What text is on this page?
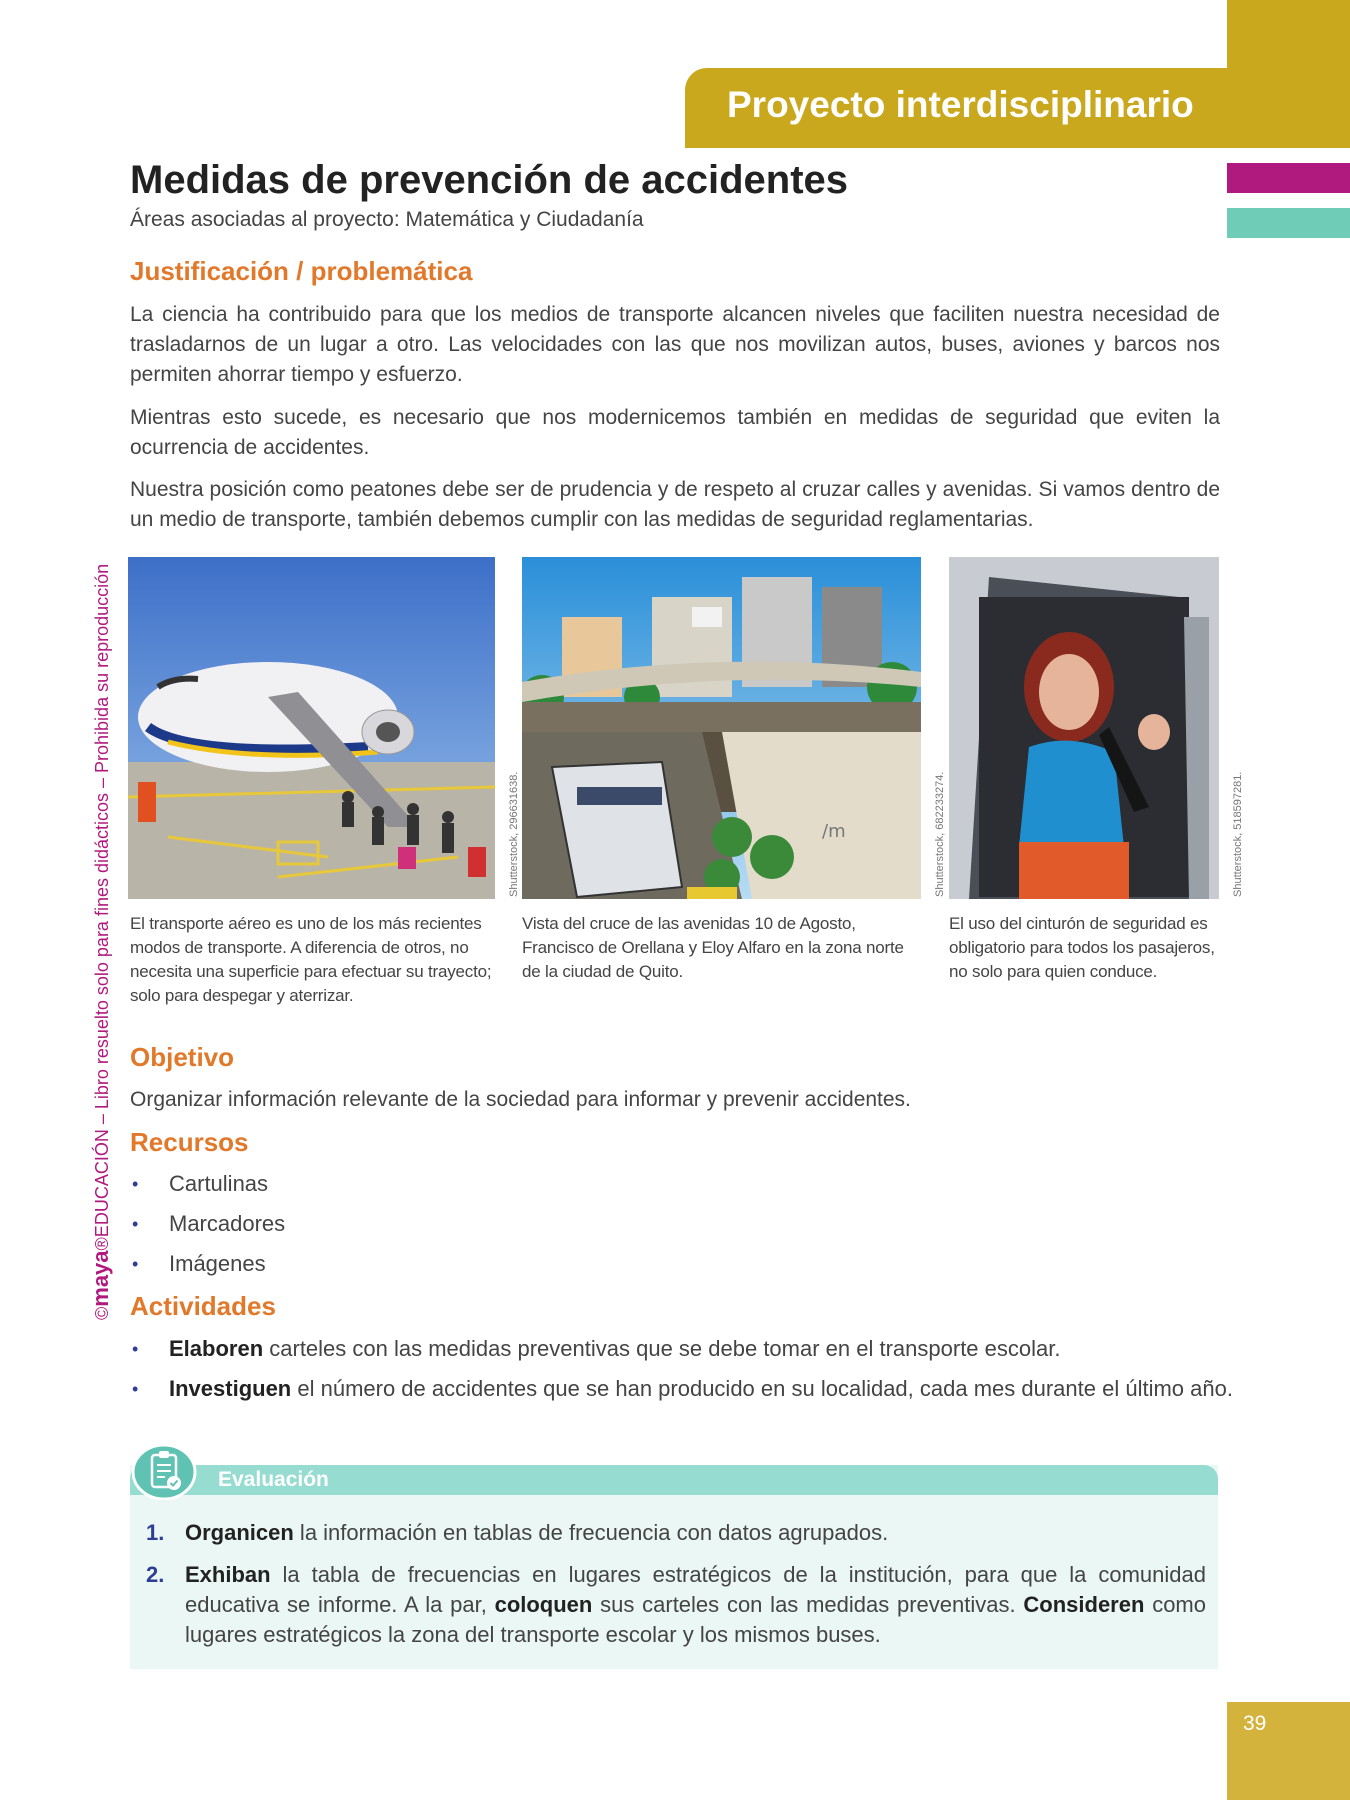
Proyecto interdisciplinario
©maya®EDUCACIÓN – Libro resuelto solo para fines didácticos – Prohibida su reproducción
Medidas de prevención de accidentes
Áreas asociadas al proyecto: Matemática y Ciudadanía
Justificación / problemática
La ciencia ha contribuido para que los medios de transporte alcancen niveles que faciliten nuestra necesidad de trasladarnos de un lugar a otro. Las velocidades con las que nos movilizan autos, buses, aviones y barcos nos permiten ahorrar tiempo y esfuerzo.
Mientras esto sucede, es necesario que nos modernicemos también en medidas de seguridad que eviten la ocurrencia de accidentes.
Nuestra posición como peatones debe ser de prudencia y de respeto al cruzar calles y avenidas. Si vamos dentro de un medio de transporte, también debemos cumplir con las medidas de seguridad reglamentarias.
Shutterstock, 296631638.
El transporte aéreo es uno de los más recientes modos de transporte. A diferencia de otros, no necesita una superficie para efectuar su trayecto; solo para despegar y aterrizar.
/m	Shutterstock, 682233274.
Vista del cruce de las avenidas 10 de Agosto, Francisco de Orellana y Eloy Alfaro en la zona norte de la ciudad de Quito.
Shutterstock, 518597281.
El uso del cinturón de seguridad es obligatorio para todos los pasajeros, no solo para quien conduce.
Objetivo
Organizar información relevante de la sociedad para informar y prevenir accidentes.
Recursos
• Cartulinas
• Marcadores
• Imágenes
Actividades
• Elaboren carteles con las medidas preventivas que se debe tomar en el transporte escolar.
• Investiguen el número de accidentes que se han producido en su localidad, cada mes durante el último año.
Evaluación
1. Organicen la información en tablas de frecuencia con datos agrupados.
2. Exhiban la tabla de frecuencias en lugares estratégicos de la institución, para que la comunidad educativa se informe. A la par, coloquen sus carteles con las medidas preventivas. Consideren como lugares estratégicos la zona del transporte escolar y los mismos buses.
39
